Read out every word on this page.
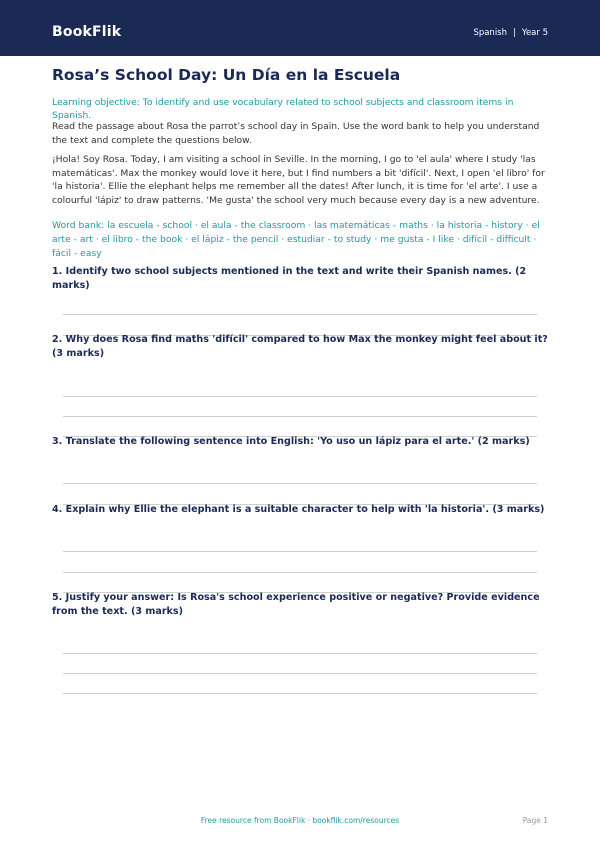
BookFlik	Spanish | Year 5
Rosa’s School Day: Un Día en la Escuela

Learning objective: To identify and use vocabulary related to school subjects and classroom items in Spanish.

Read the passage about Rosa the parrot’s school day in Spain. Use the word bank to help you understand the text and complete the questions below.

¡Hola! Soy Rosa. Today, I am visiting a school in Seville. In the morning, I go to 'el aula' where I study 'las matemáticas'. Max the monkey would love it here, but I find numbers a bit 'difícil'. Next, I open 'el libro' for 'la historia'. Ellie the elephant helps me remember all the dates! After lunch, it is time for 'el arte'. I use a colourful 'lápiz' to draw patterns. 'Me gusta' the school very much because every day is a new adventure.

Word bank: la escuela - school · el aula - the classroom · las matemáticas - maths · la historia - history · el arte - art · el libro - the book · el lápiz - the pencil · estudiar - to study · me gusta - I like · difícil - difficult · fácil - easy

1. Identify two school subjects mentioned in the text and write their Spanish names. (2 marks)

2. Why does Rosa find maths 'difícil' compared to how Max the monkey might feel about it? (3 marks)

3. Translate the following sentence into English: 'Yo uso un lápiz para el arte.' (2 marks)

4. Explain why Ellie the elephant is a suitable character to help with 'la historia'. (3 marks)

5. Justify your answer: Is Rosa's school experience positive or negative? Provide evidence from the text. (3 marks)

Free resource from BookFlik · bookflik.com/resources	Page 1
